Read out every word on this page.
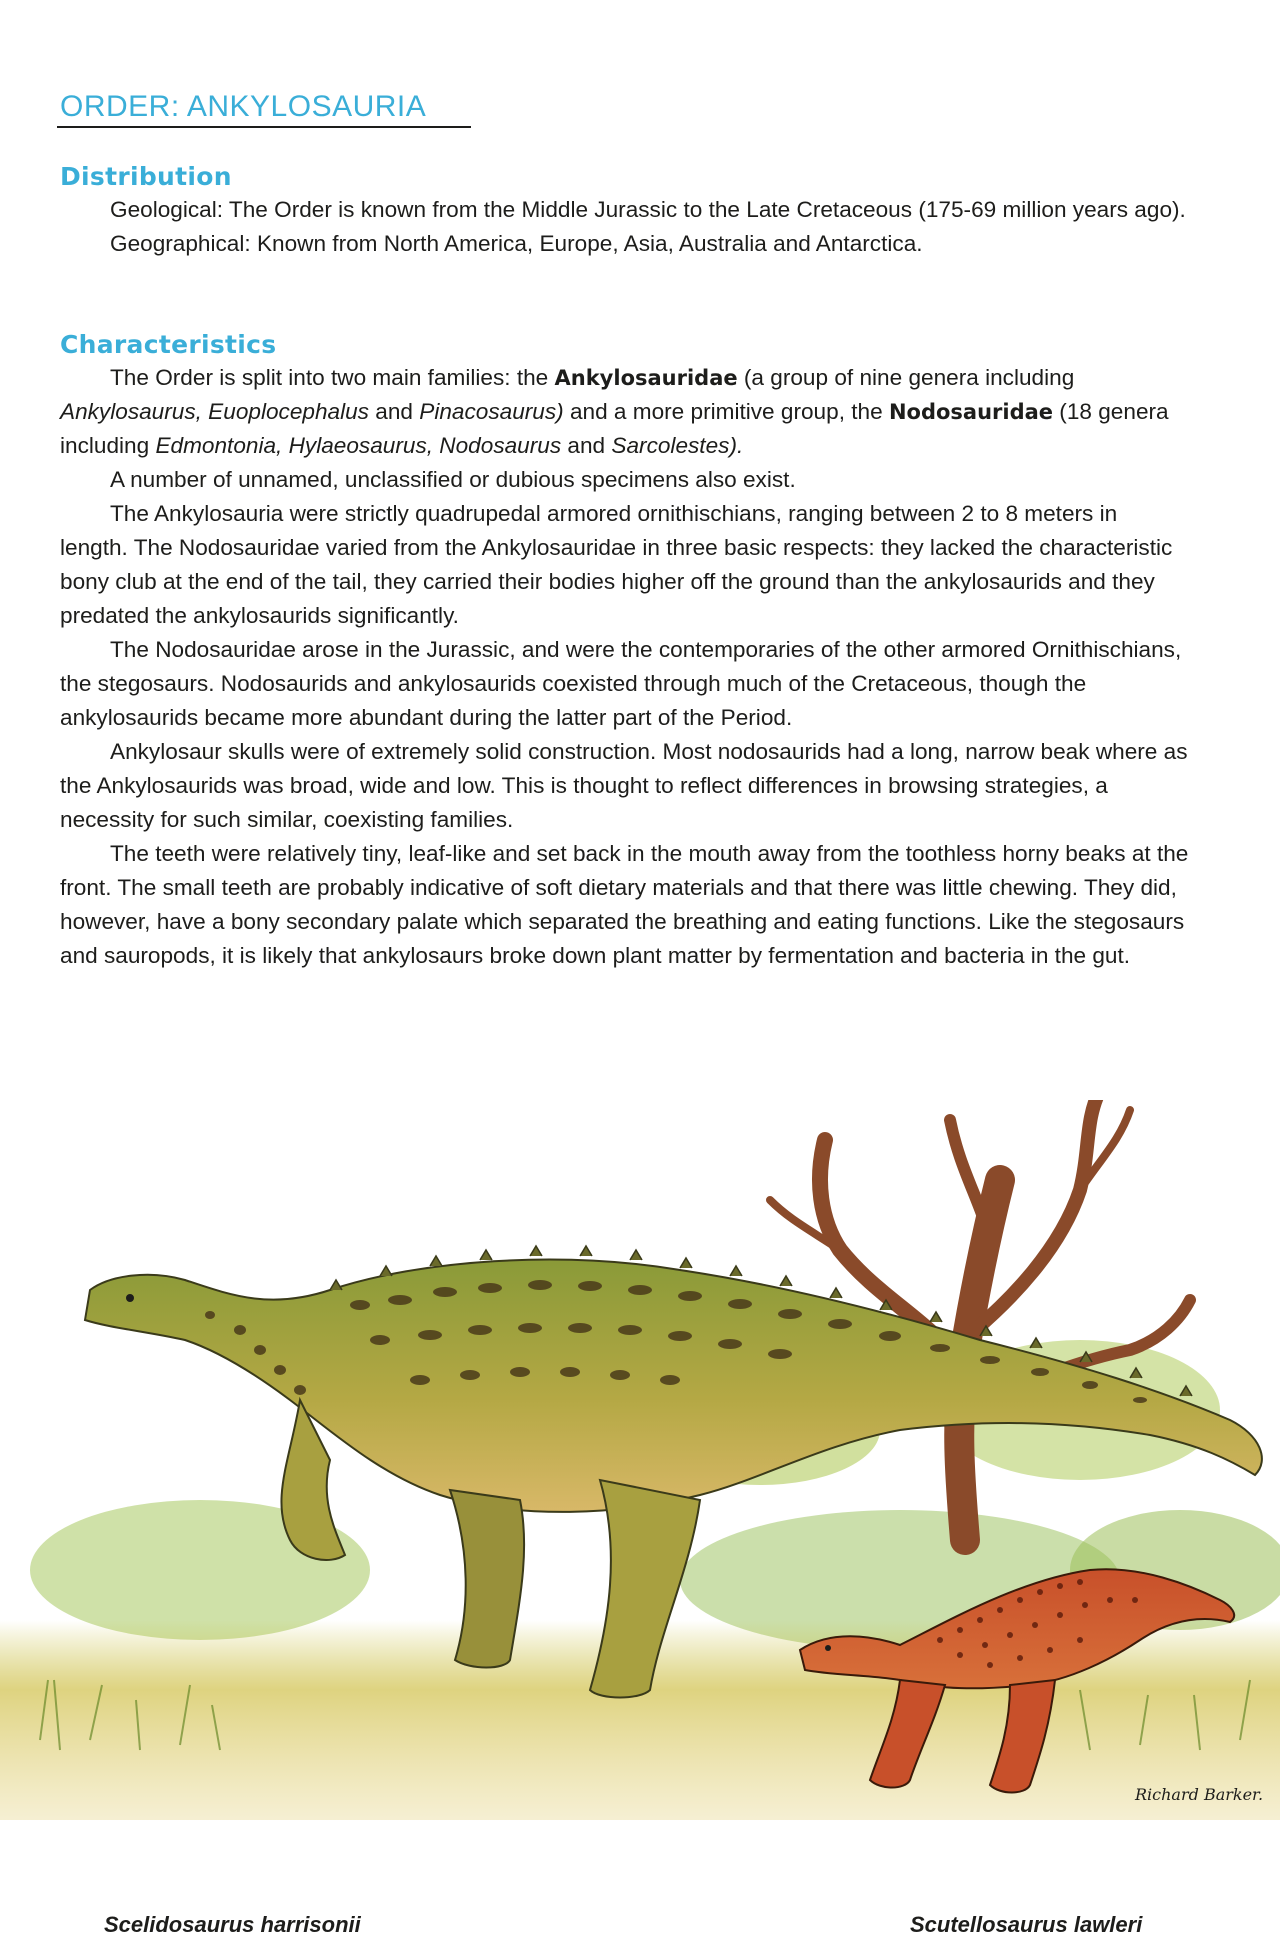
ORDER: ANKYLOSAURIA
Distribution

Geological: The Order is known from the Middle Jurassic to the Late Cretaceous (175-69 million years ago).

Geographical: Known from North America, Europe, Asia, Australia and Antarctica.

Characteristics

The Order is split into two main families: the Ankylosauridae (a group of nine genera including Ankylosaurus, Euoplocephalus and Pinacosaurus) and a more primitive group, the Nodosauridae (18 genera including Edmontonia, Hylaeosaurus, Nodosaurus and Sarcolestes).

A number of unnamed, unclassified or dubious specimens also exist.

The Ankylosauria were strictly quadrupedal armored ornithischians, ranging between 2 to 8 meters in length. The Nodosauridae varied from the Ankylosauridae in three basic respects: they lacked the characteristic bony club at the end of the tail, they carried their bodies higher off the ground than the ankylosaurids and they predated the ankylosaurids significantly.

The Nodosauridae arose in the Jurassic, and were the contemporaries of the other armored Ornithischians, the stegosaurs. Nodosaurids and ankylosaurids coexisted through much of the Cretaceous, though the ankylosaurids became more abundant during the latter part of the Period.

Ankylosaur skulls were of extremely solid construction. Most nodosaurids had a long, narrow beak where as the Ankylosaurids was broad, wide and low. This is thought to reflect differences in browsing strategies, a necessity for such similar, coexisting families.

The teeth were relatively tiny, leaf-like and set back in the mouth away from the toothless horny beaks at the front. The small teeth are probably indicative of soft dietary materials and that there was little chewing. They did, however, have a bony secondary palate which separated the breathing and eating functions. Like the stegosaurs and sauropods, it is likely that ankylosaurs broke down plant matter by fermentation and bacteria in the gut.

Richard Barker.

Scelidosaurus harrisonii	Scutellosaurus lawleri
